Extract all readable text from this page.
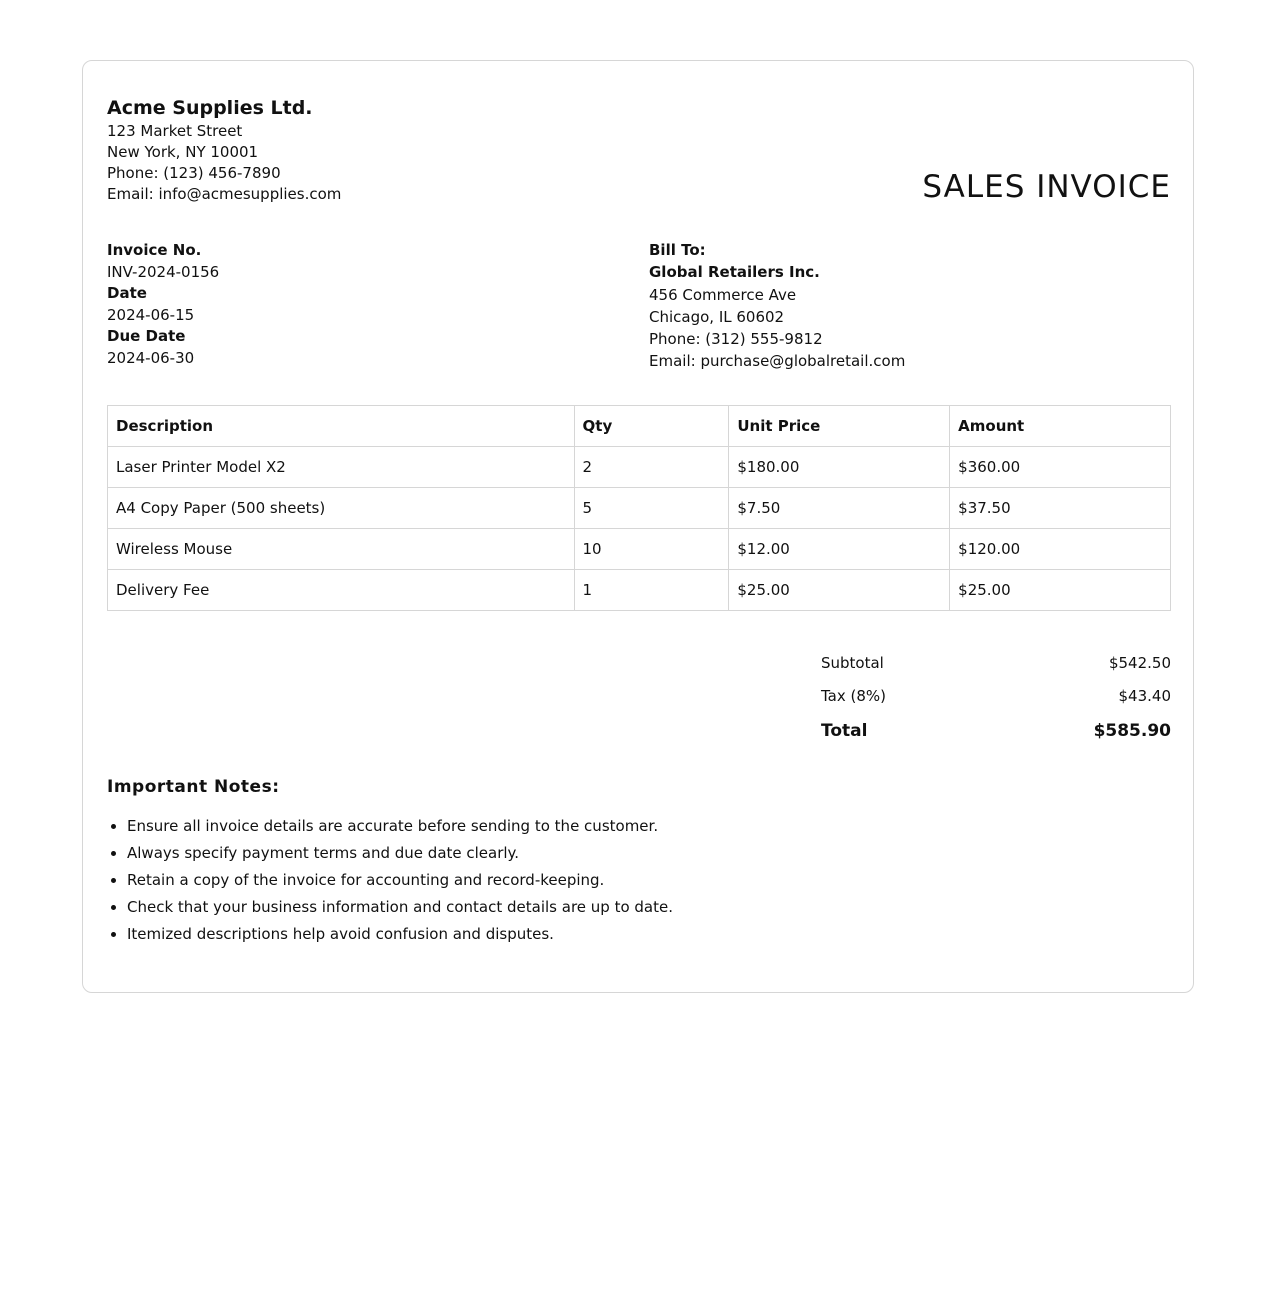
Acme Supplies Ltd.
123 Market Street
New York, NY 10001
Phone: (123) 456-7890
Email: info@acmesupplies.com	SALES INVOICE
Invoice No.
INV-2024-0156
Date
2024-06-15
Due Date
2024-06-30
Bill To:
Global Retailers Inc.
456 Commerce Ave
Chicago, IL 60602
Phone: (312) 555-9812
Email: purchase@globalretail.com
Description	Qty	Unit Price	Amount
Laser Printer Model X2	2	$180.00	$360.00
A4 Copy Paper (500 sheets)	5	$7.50	$37.50
Wireless Mouse	10	$12.00	$120.00
Delivery Fee	1	$25.00	$25.00
Subtotal	$542.50
Tax (8%)	$43.40
Total	$585.90
Important Notes:
• Ensure all invoice details are accurate before sending to the customer.
• Always specify payment terms and due date clearly.
• Retain a copy of the invoice for accounting and record-keeping.
• Check that your business information and contact details are up to date.
• Itemized descriptions help avoid confusion and disputes.
